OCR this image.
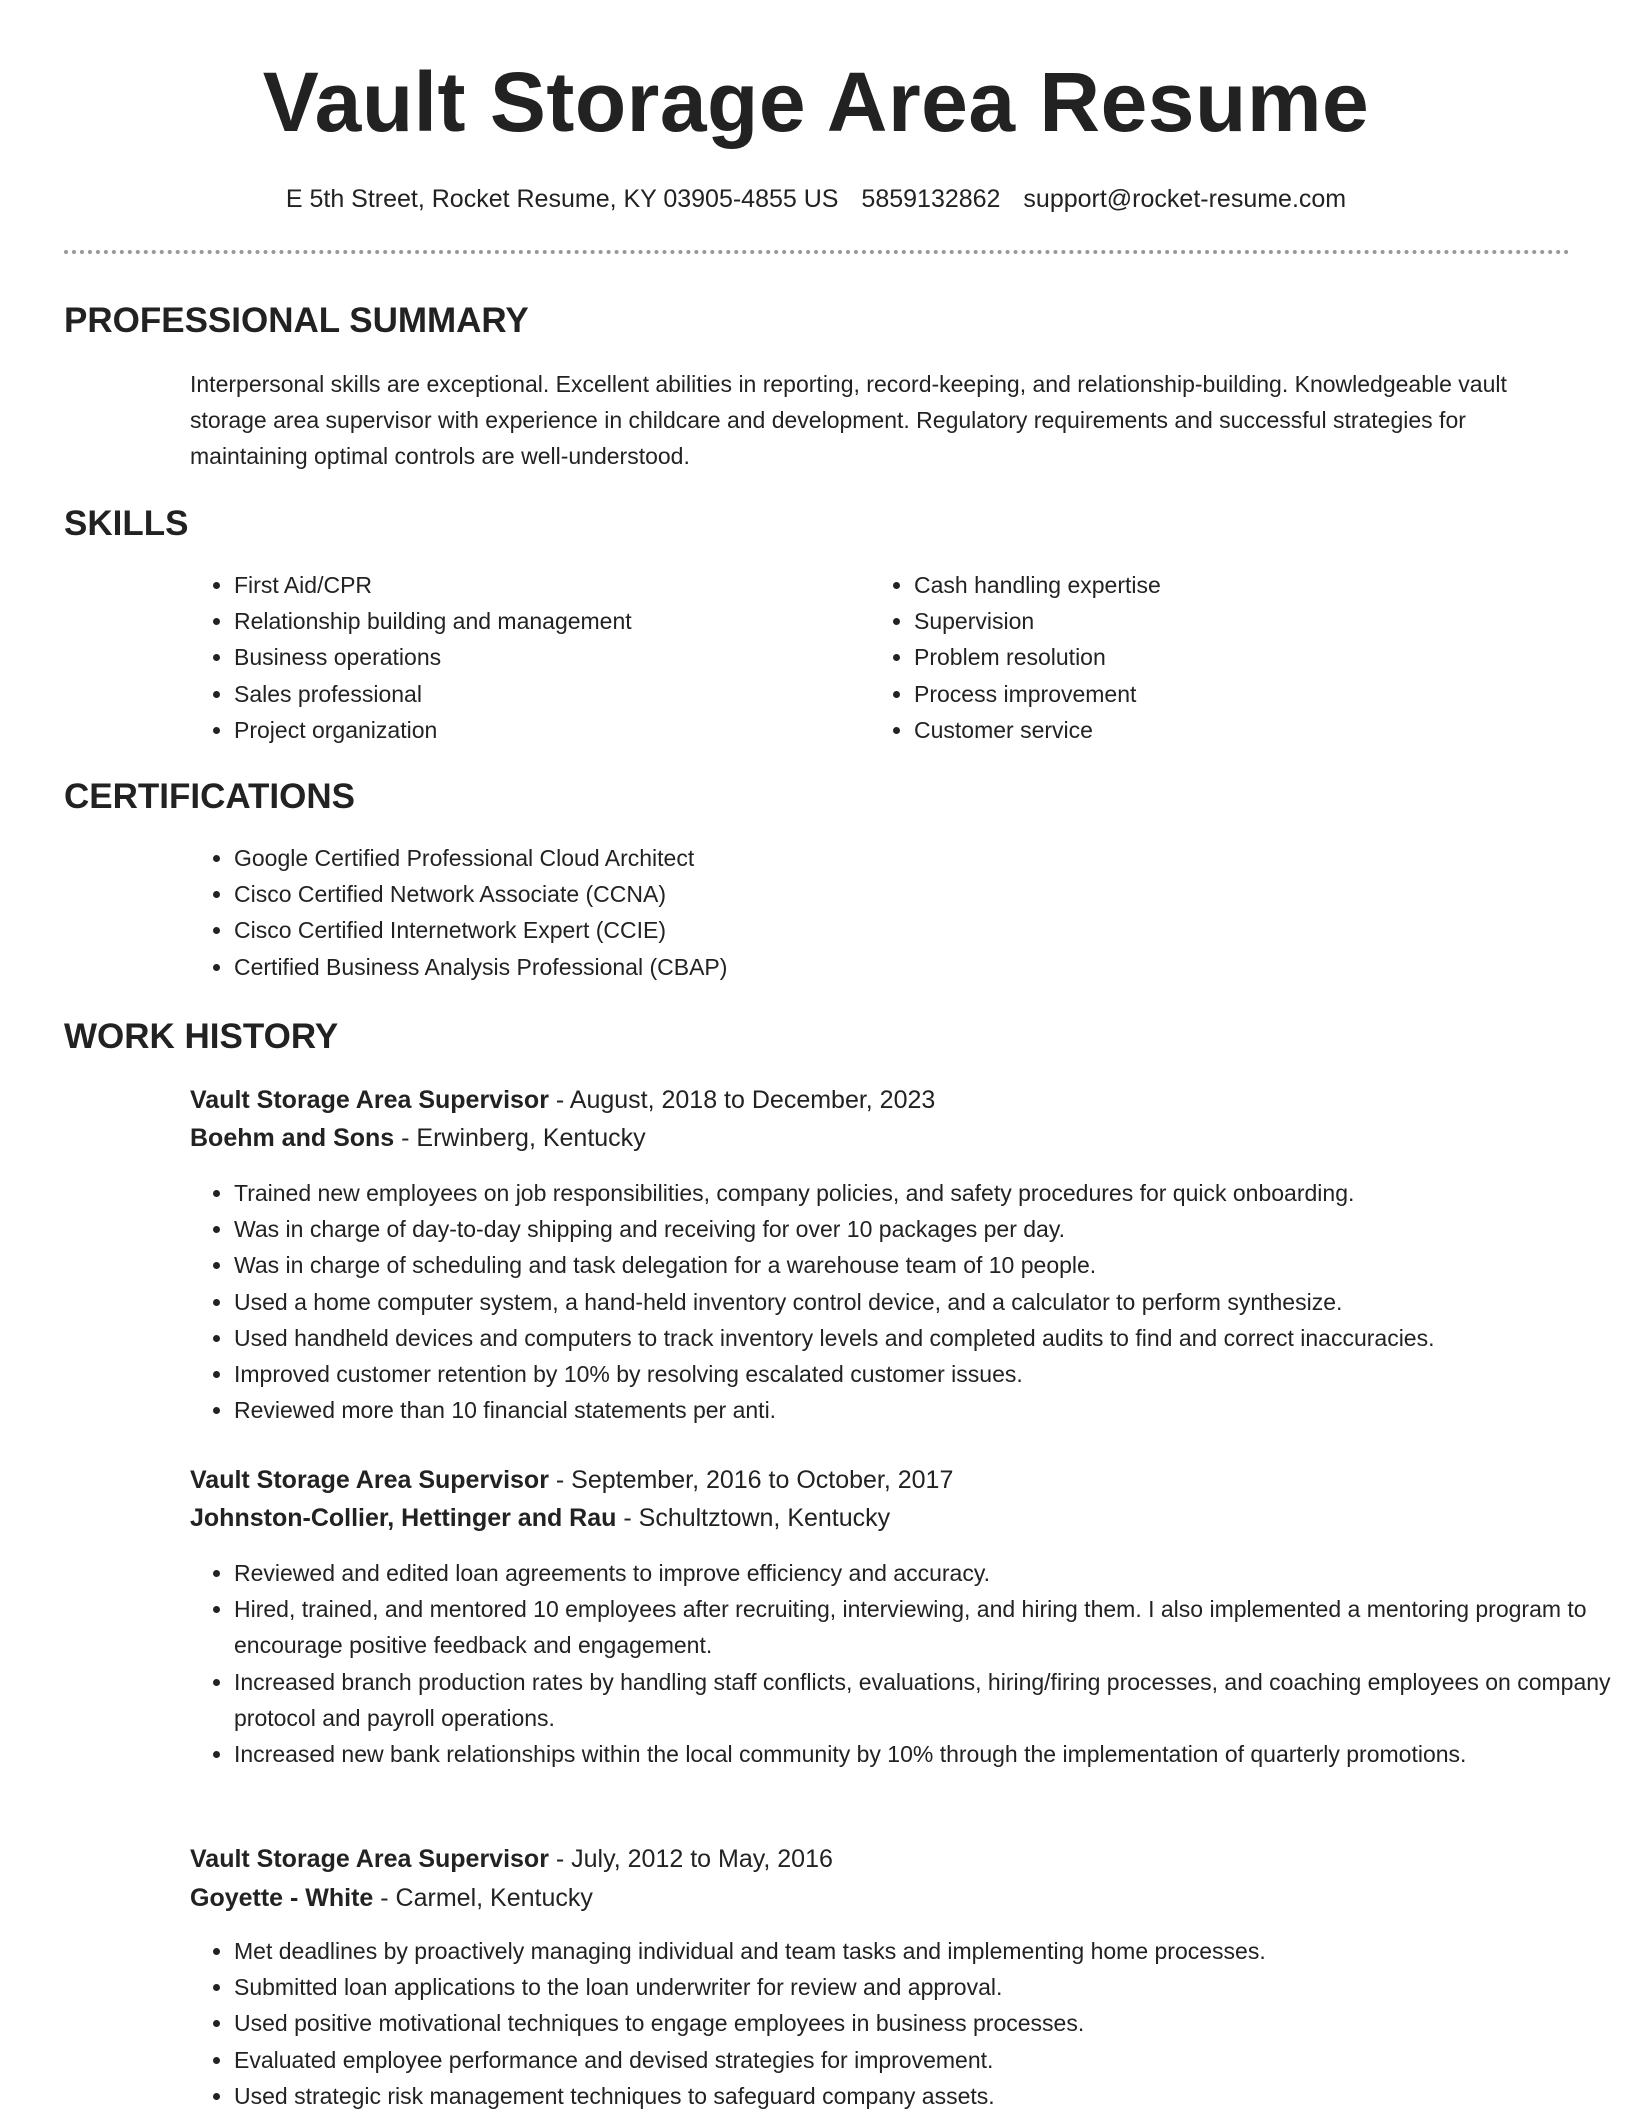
Vault Storage Area Resume
E 5th Street, Rocket Resume, KY 03905-4855 US 5859132862 support@rocket-resume.com
PROFESSIONAL SUMMARY

Interpersonal skills are exceptional. Excellent abilities in reporting, record-keeping, and relationship-building. Knowledgeable vault storage area supervisor with experience in childcare and development. Regulatory requirements and successful strategies for maintaining optimal controls are well-understood.

SKILLS
• First Aid/CPR
• Relationship building and management
• Business operations
• Sales professional
• Project organization
• Cash handling expertise
• Supervision
• Problem resolution
• Process improvement
• Customer service
CERTIFICATIONS
• Google Certified Professional Cloud Architect
• Cisco Certified Network Associate (CCNA)
• Cisco Certified Internetwork Expert (CCIE)
• Certified Business Analysis Professional (CBAP)
WORK HISTORY
Vault Storage Area Supervisor - August, 2018 to December, 2023
Boehm and Sons - Erwinberg, Kentucky
• Trained new employees on job responsibilities, company policies, and safety procedures for quick onboarding.
• Was in charge of day-to-day shipping and receiving for over 10 packages per day.
• Was in charge of scheduling and task delegation for a warehouse team of 10 people.
• Used a home computer system, a hand-held inventory control device, and a calculator to perform synthesize.
• Used handheld devices and computers to track inventory levels and completed audits to find and correct inaccuracies.
• Improved customer retention by 10% by resolving escalated customer issues.
• Reviewed more than 10 financial statements per anti.
Vault Storage Area Supervisor - September, 2016 to October, 2017
Johnston-Collier, Hettinger and Rau - Schultztown, Kentucky
• Reviewed and edited loan agreements to improve efficiency and accuracy.
• Hired, trained, and mentored 10 employees after recruiting, interviewing, and hiring them. I also implemented a mentoring program to encourage positive feedback and engagement.
• Increased branch production rates by handling staff conflicts, evaluations, hiring/firing processes, and coaching employees on company protocol and payroll operations.
• Increased new bank relationships within the local community by 10% through the implementation of quarterly promotions.
Vault Storage Area Supervisor - July, 2012 to May, 2016
Goyette - White - Carmel, Kentucky
• Met deadlines by proactively managing individual and team tasks and implementing home processes.
• Submitted loan applications to the loan underwriter for review and approval.
• Used positive motivational techniques to engage employees in business processes.
• Evaluated employee performance and devised strategies for improvement.
• Used strategic risk management techniques to safeguard company assets.
